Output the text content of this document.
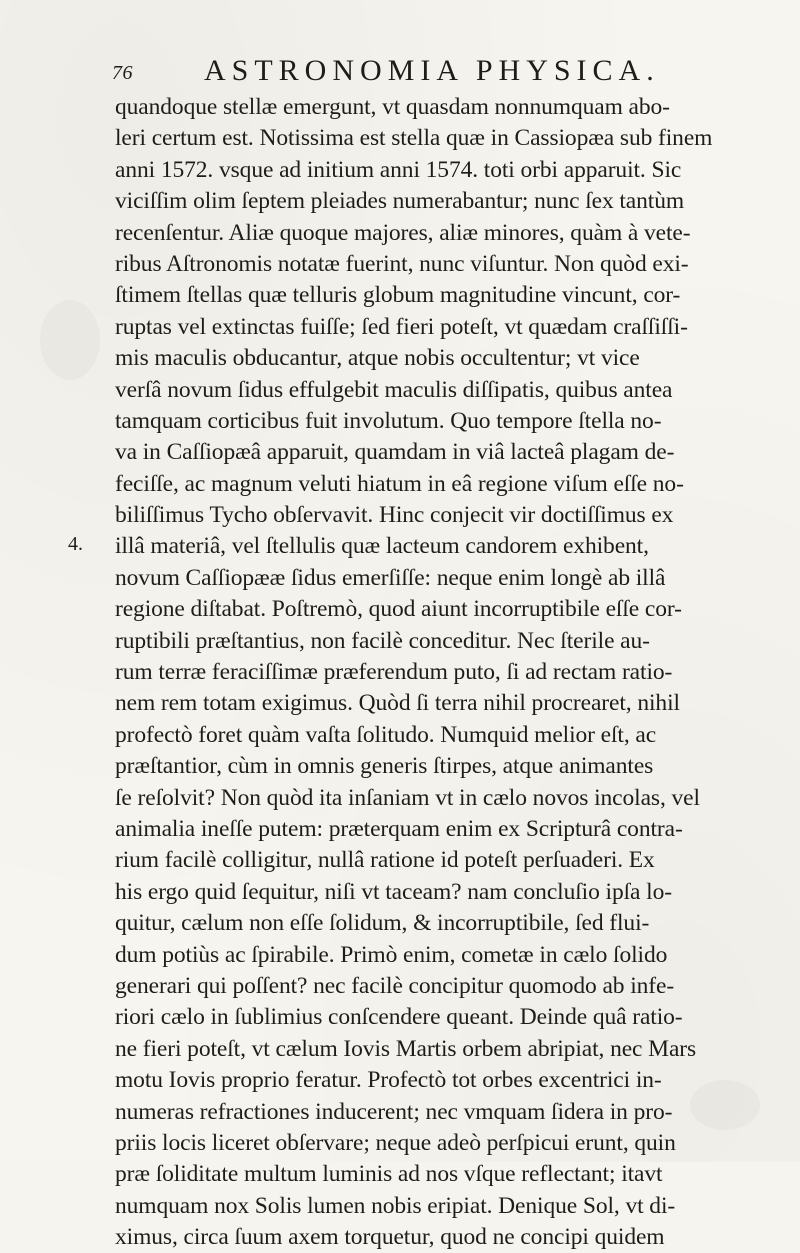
76 ASTRONOMIA PHYSICA.
4.
quandoque stellæ emergunt, vt quasdam nonnumquam abo-
leri certum est. Notissima est stella quæ in Cassiopæa sub finem
anni 1572. vsque ad initium anni 1574. toti orbi apparuit. Sic
viciſſim olim ſeptem pleiades numerabantur; nunc ſex tantùm
recenſentur. Aliæ quoque majores, aliæ minores, quàm à vete-
ribus Aſtronomis notatæ fuerint, nunc viſuntur. Non quòd exi-
ſtimem ſtellas quæ telluris globum magnitudine vincunt, cor-
ruptas vel extinctas fuiſſe; ſed fieri poteſt, vt quædam craſſiſſi-
mis maculis obducantur, atque nobis occultentur; vt vice
verſâ novum ſidus effulgebit maculis diſſipatis, quibus antea
tamquam corticibus fuit involutum. Quo tempore ſtella no-
va in Caſſiopæâ apparuit, quamdam in viâ lacteâ plagam de-
feciſſe, ac magnum veluti hiatum in eâ regione viſum eſſe no-
biliſſimus Tycho obſervavit. Hinc conjecit vir doctiſſimus ex
illâ materiâ, vel ſtellulis quæ lacteum candorem exhibent,
novum Caſſiopææ ſidus emerſiſſe: neque enim longè ab illâ
regione diſtabat. Poſtremò, quod aiunt incorruptibile eſſe cor-
ruptibili præſtantius, non facilè conceditur. Nec ſterile au-
rum terræ feraciſſimæ præferendum puto, ſi ad rectam ratio-
nem rem totam exigimus. Quòd ſi terra nihil procrearet, nihil
profectò foret quàm vaſta ſolitudo. Numquid melior eſt, ac
præſtantior, cùm in omnis generis ſtirpes, atque animantes
ſe reſolvit? Non quòd ita inſaniam vt in cælo novos incolas, vel
animalia ineſſe putem: præterquam enim ex Scripturâ contra-
rium facilè colligitur, nullâ ratione id poteſt perſuaderi. Ex
his ergo quid ſequitur, niſi vt taceam? nam concluſio ipſa lo-
quitur, cælum non eſſe ſolidum, & incorruptibile, ſed flui-
dum potiùs ac ſpirabile. Primò enim, cometæ in cælo ſolido
generari qui poſſent? nec facilè concipitur quomodo ab infe-
riori cælo in ſublimius conſcendere queant. Deinde quâ ratio-
ne fieri poteſt, vt cælum Iovis Martis orbem abripiat, nec Mars
motu Iovis proprio feratur. Profectò tot orbes excentrici in-
numeras refractiones inducerent; nec vmquam ſidera in pro-
priis locis liceret obſervare; neque adeò perſpicui erunt, quin
præ ſoliditate multum luminis ad nos vſque reflectant; itavt
numquam nox Solis lumen nobis eripiat. Denique Sol, vt di-
ximus, circa ſuum axem torquetur, quod ne concipi quidem
